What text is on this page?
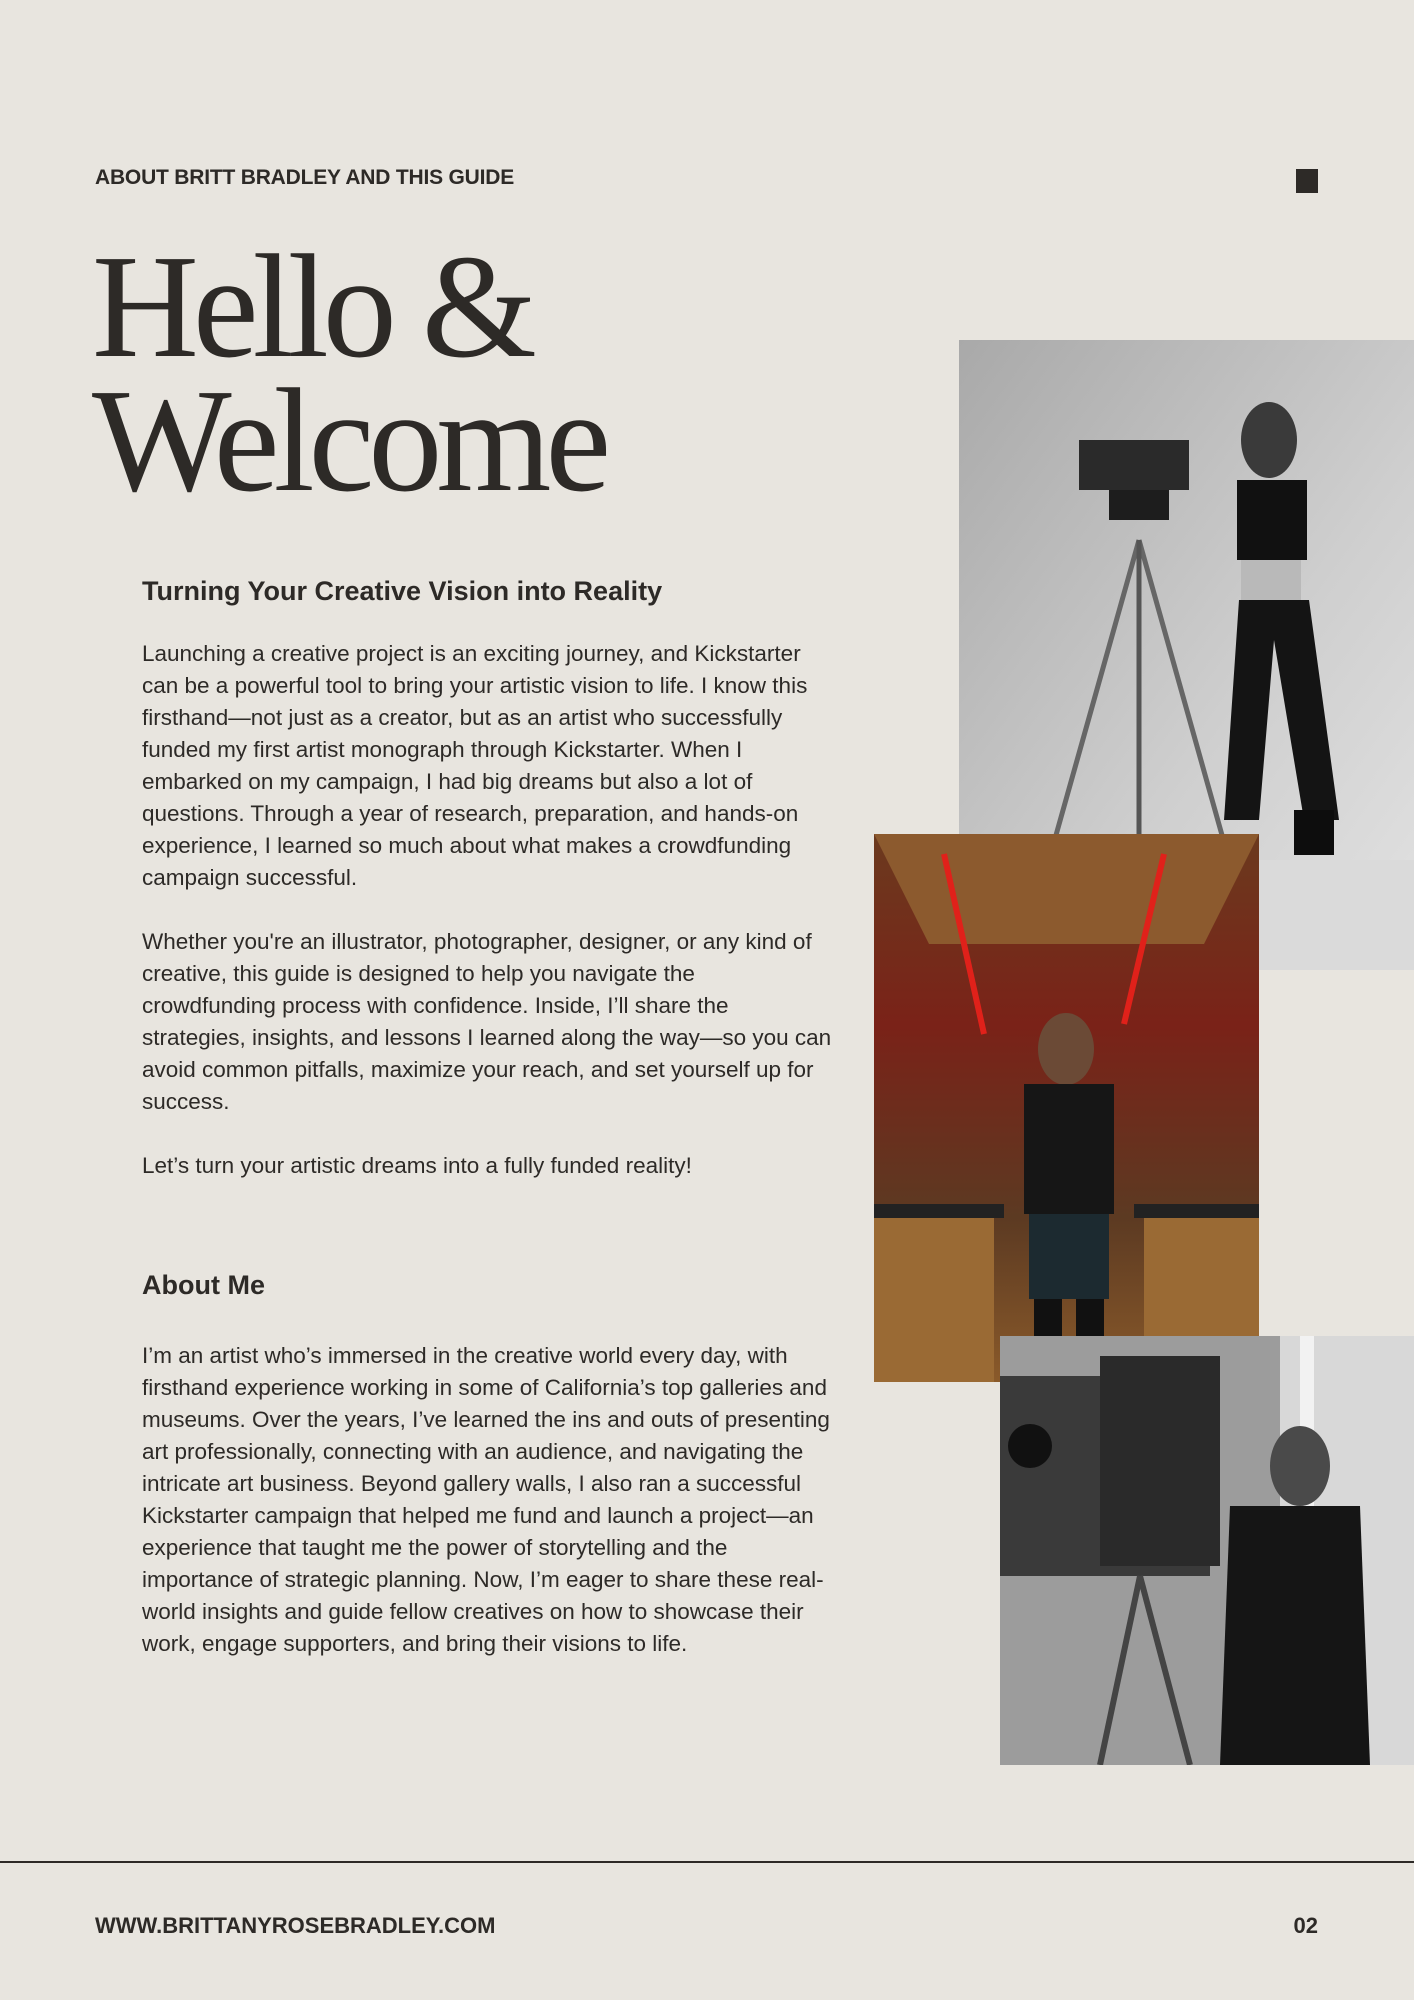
ABOUT BRITT BRADLEY AND THIS GUIDE
Hello &
Welcome
Turning Your Creative Vision into Reality

Launching a creative project is an exciting journey, and Kickstarter can be a powerful tool to bring your artistic vision to life. I know this firsthand—not just as a creator, but as an artist who successfully funded my first artist monograph through Kickstarter. When I embarked on my campaign, I had big dreams but also a lot of questions. Through a year of research, preparation, and hands-on experience, I learned so much about what makes a crowdfunding campaign successful.

Whether you're an illustrator, photographer, designer, or any kind of creative, this guide is designed to help you navigate the crowdfunding process with confidence. Inside, I’ll share the strategies, insights, and lessons I learned along the way—so you can avoid common pitfalls, maximize your reach, and set yourself up for success.

Let’s turn your artistic dreams into a fully funded reality!

About Me

I’m an artist who’s immersed in the creative world every day, with firsthand experience working in some of California’s top galleries and museums. Over the years, I’ve learned the ins and outs of presenting art professionally, connecting with an audience, and navigating the intricate art business. Beyond gallery walls, I also ran a successful Kickstarter campaign that helped me fund and launch a project—an experience that taught me the power of storytelling and the importance of strategic planning. Now, I’m eager to share these real-world insights and guide fellow creatives on how to showcase their work, engage supporters, and bring their visions to life.

WWW.BRITTANYROSEBRADLEY.COM	02
